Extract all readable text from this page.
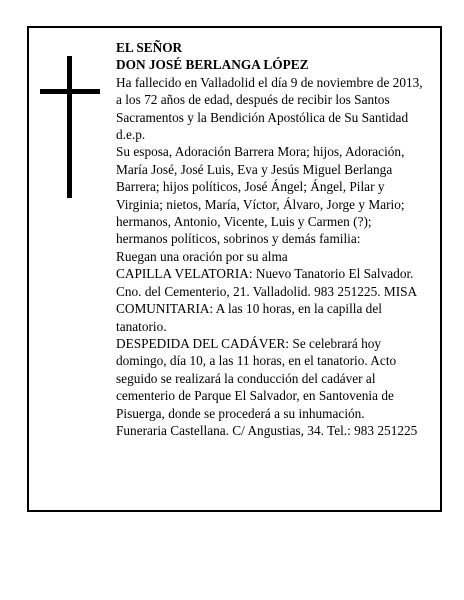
EL SEÑOR

DON JOSÉ BERLANGA LÓPEZ

Ha fallecido en Valladolid el día 9 de noviembre de 2013, a los 72 años de edad, después de recibir los Santos Sacramentos y la Bendición Apostólica de Su Santidad

d.e.p.

Su esposa, Adoración Barrera Mora; hijos, Adoración, María José, José Luis, Eva y Jesús Miguel Berlanga Barrera; hijos políticos, José Ángel; Ángel, Pilar y Virginia; nietos, María, Víctor, Álvaro, Jorge y Mario; hermanos, Antonio, Vicente, Luis y Carmen (?); hermanos políticos, sobrinos y demás familia:

Ruegan una oración por su alma

CAPILLA VELATORIA: Nuevo Tanatorio El Salvador. Cno. del Cementerio, 21. Valladolid. 983 251225. MISA COMUNITARIA: A las 10 horas, en la capilla del tanatorio.

DESPEDIDA DEL CADÁVER: Se celebrará hoy domingo, día 10, a las 11 horas, en el tanatorio. Acto seguido se realizará la conducción del cadáver al cementerio de Parque El Salvador, en Santovenia de Pisuerga, donde se procederá a su inhumación.

Funeraria Castellana. C/ Angustias, 34. Tel.: 983 251225
